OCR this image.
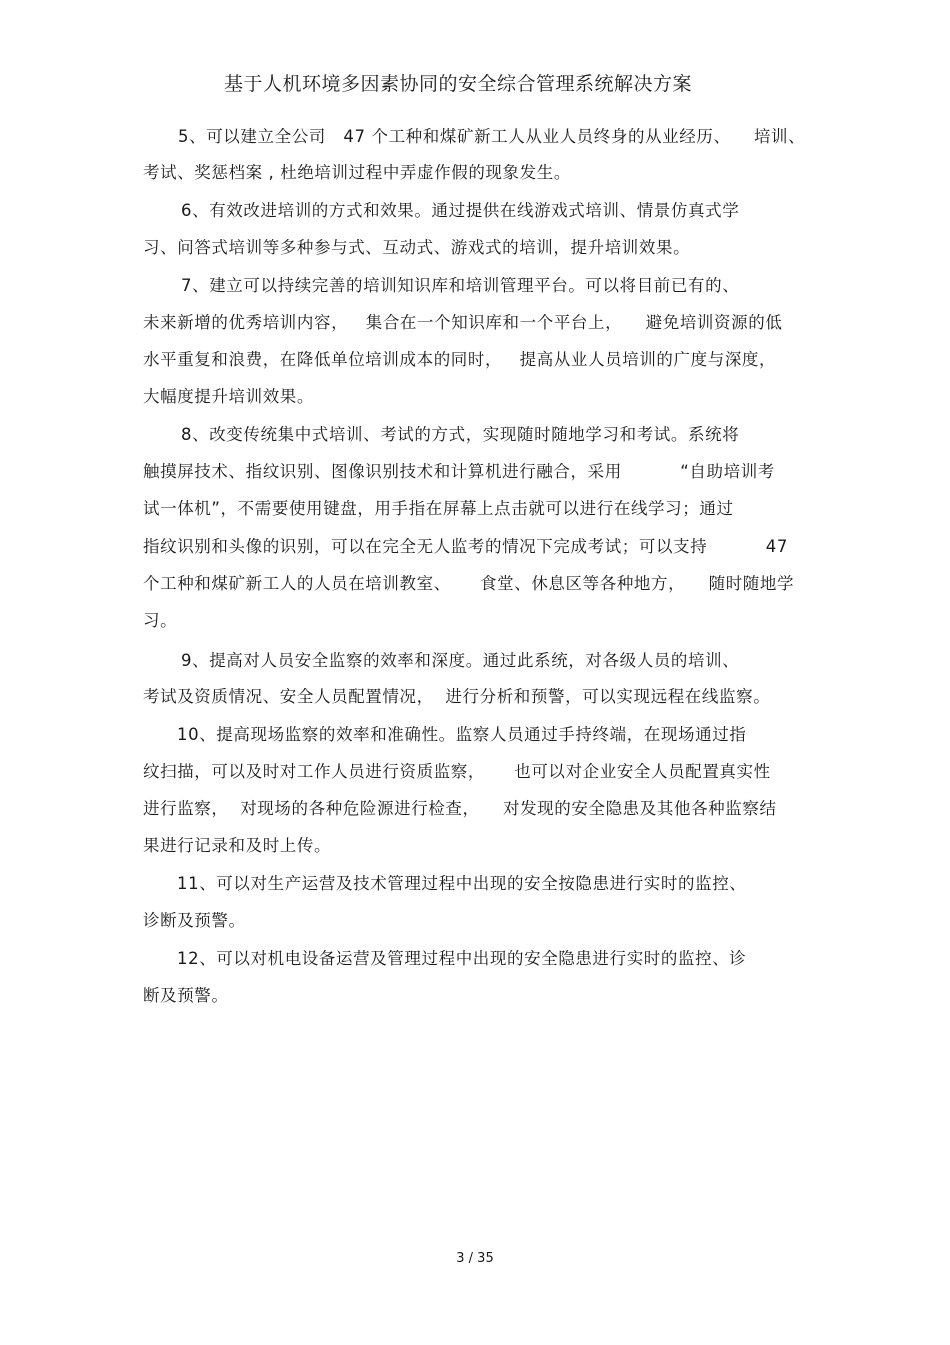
基于人机环境多因素协同的安全综合管理系统解决方案
5、可以建立全公司   47 个工种和煤矿新工人从业人员终身的从业经历、    培训、
考试、奖惩档案 , 杜绝培训过程中弄虚作假的现象发生。
6、有效改进培训的方式和效果。通过提供在线游戏式培训、情景仿真式学
习、问答式培训等多种参与式、互动式、游戏式的培训，提升培训效果。
7、建立可以持续完善的培训知识库和培训管理平台。可以将目前已有的、
未来新增的优秀培训内容，   集合在一个知识库和一个平台上，    避免培训资源的低
水平重复和浪费，在降低单位培训成本的同时，   提高从业人员培训的广度与深度，
大幅度提升培训效果。
8、改变传统集中式培训、考试的方式，实现随时随地学习和考试。系统将
触摸屏技术、指纹识别、图像识别技术和计算机进行融合，采用          “自助培训考
试一体机”，不需要使用键盘，用手指在屏幕上点击就可以进行在线学习；通过
指纹识别和头像的识别，可以在完全无人监考的情况下完成考试；可以支持          47
个工种和煤矿新工人的人员在培训教室、     食堂、休息区等各种地方，    随时随地学
习。
9、提高对人员安全监察的效率和深度。通过此系统，对各级人员的培训、
考试及资质情况、安全人员配置情况，  进行分析和预警，可以实现远程在线监察。
10、提高现场监察的效率和准确性。监察人员通过手持终端，在现场通过指
纹扫描，可以及时对工作人员进行资质监察，     也可以对企业安全人员配置真实性
进行监察，  对现场的各种危险源进行检查，    对发现的安全隐患及其他各种监察结
果进行记录和及时上传。
11、可以对生产运营及技术管理过程中出现的安全按隐患进行实时的监控、
诊断及预警。
12、可以对机电设备运营及管理过程中出现的安全隐患进行实时的监控、诊
断及预警。
3 / 35
